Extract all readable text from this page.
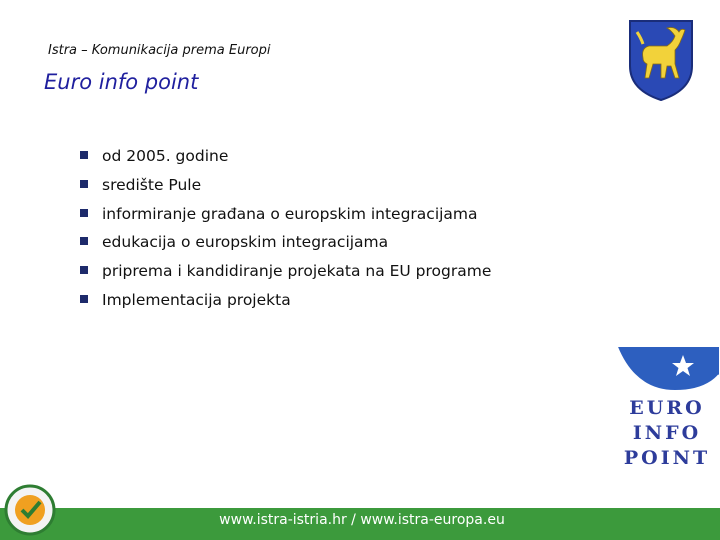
Istra – Komunikacija prema Europi
Euro info point
od 2005. godine
središte Pule
informiranje građana o europskim integracijama
edukacija o europskim integracijama
priprema i kandidiranje projekata na EU programe
Implementacija projekta
EURO
INFO
POINT
www.istra-istria.hr / www.istra-europa.eu
